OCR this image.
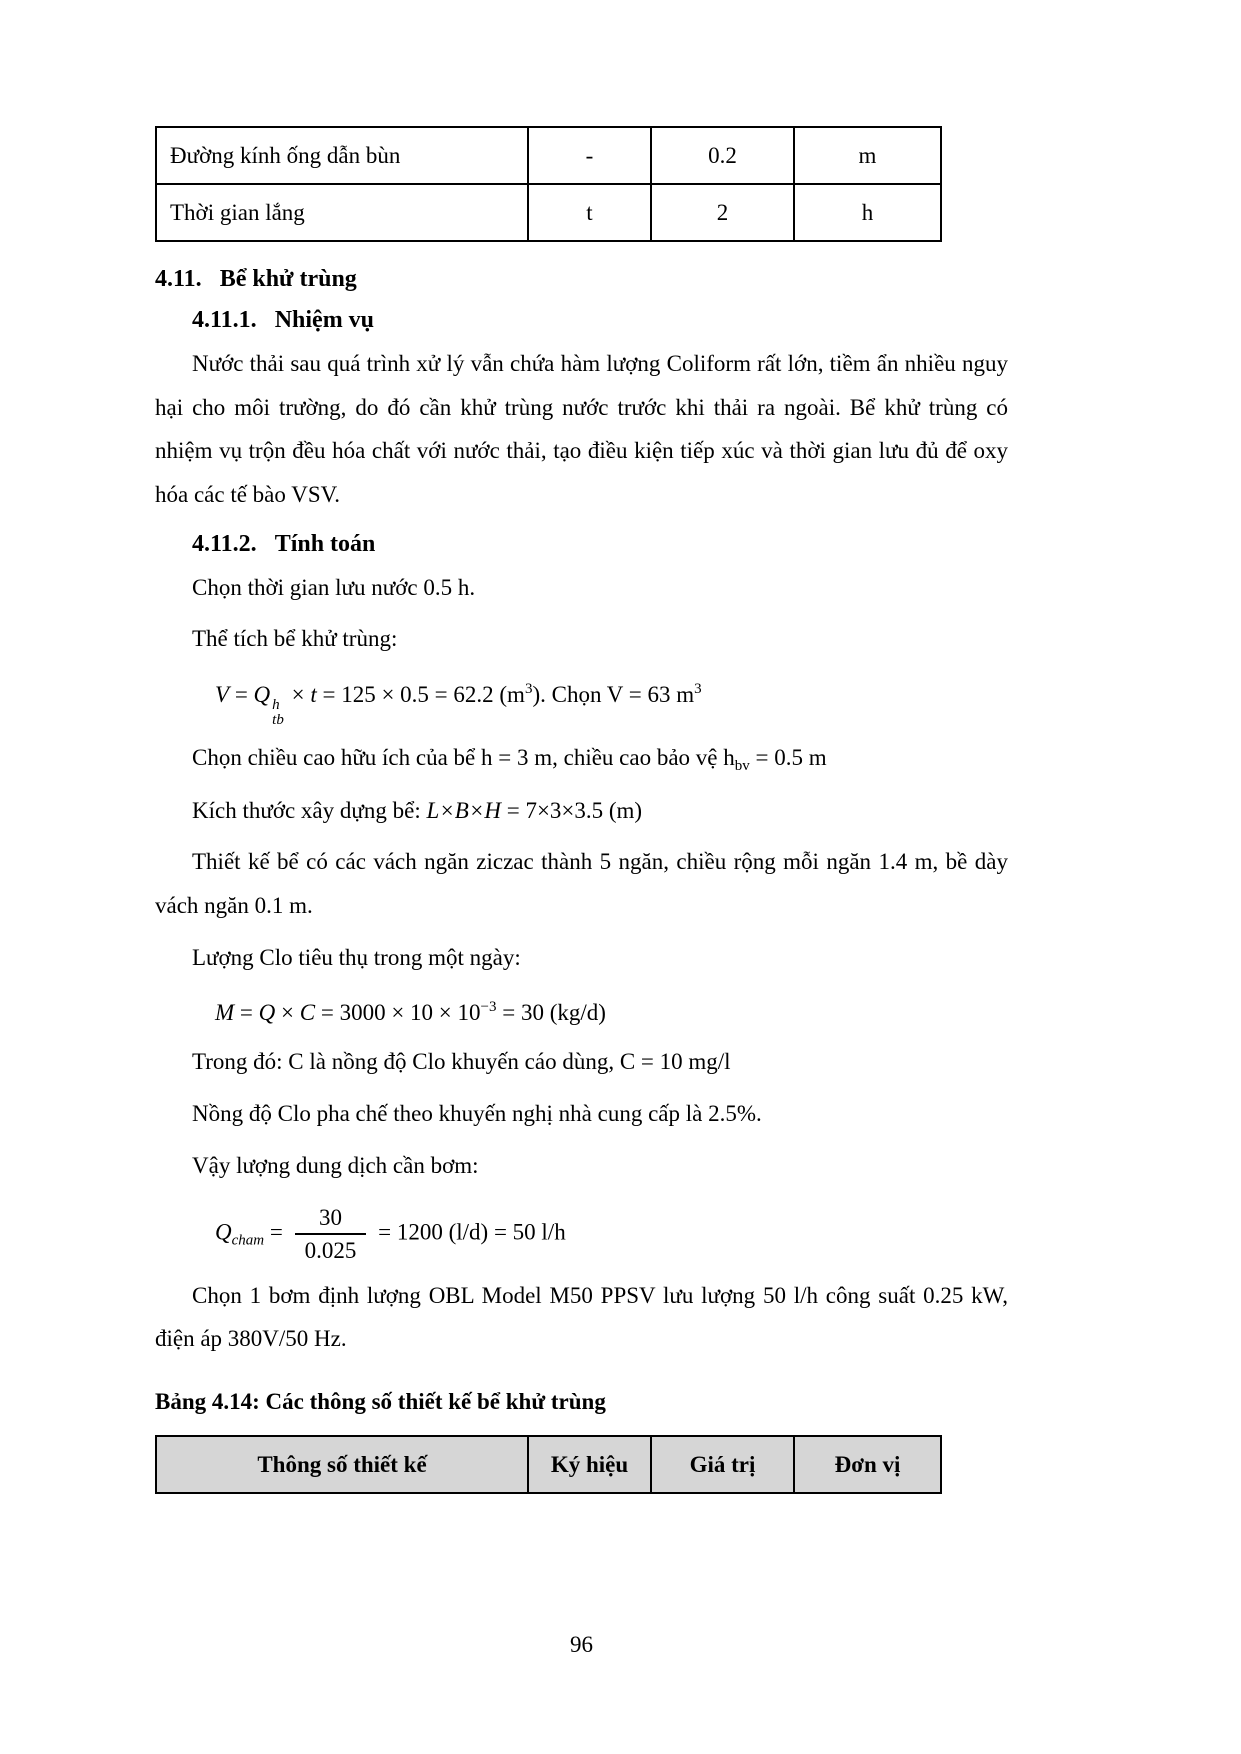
Đường kính ống dẫn bùn	-	0.2	m
Thời gian lắng	t	2	h
4.11. Bể khử trùng
4.11.1. Nhiệm vụ

Nước thải sau quá trình xử lý vẫn chứa hàm lượng Coliform rất lớn, tiềm ẩn nhiều nguy hại cho môi trường, do đó cần khử trùng nước trước khi thải ra ngoài. Bể khử trùng có nhiệm vụ trộn đều hóa chất với nước thải, tạo điều kiện tiếp xúc và thời gian lưu đủ để oxy hóa các tế bào VSV.

4.11.2. Tính toán

Chọn thời gian lưu nước 0.5 h.

Thể tích bể khử trùng:

V = Q h
tb
× t = 125 × 0.5 = 62.2 $(m^3)$. Chọn V = 63 $m^3$

Chọn chiều cao hữu ích của bể h = 3 m, chiều cao bảo vệ $h_{bv} = 0.5$ m

Kích thước xây dựng bể: L×B×H = 7×3×3.5 (m)

Thiết kế bể có các vách ngăn ziczac thành 5 ngăn, chiều rộng mỗi ngăn 1.4 m, bề dày vách ngăn 0.1 m.

Lượng Clo tiêu thụ trong một ngày:

$M = Q \times C = 3000 \times 10 \times 10^{-3} = 30$ (kg/d)

Trong đó: C là nồng độ Clo khuyến cáo dùng, C = 10 mg/l

Nồng độ Clo pha chế theo khuyến nghị nhà cung cấp là 2.5%.

Vậy lượng dung dịch cần bơm:

$Q_{cham} = \frac{30}{0.025} = 1200$ (l/d) = 50 l/h

Chọn 1 bơm định lượng OBL Model M50 PPSV lưu lượng 50 l/h công suất 0.25 kW, điện áp 380V/50 Hz.

Bảng 4.14: Các thông số thiết kế bể khử trùng
Thông số thiết kế	Ký hiệu	Giá trị	Đơn vị
96
